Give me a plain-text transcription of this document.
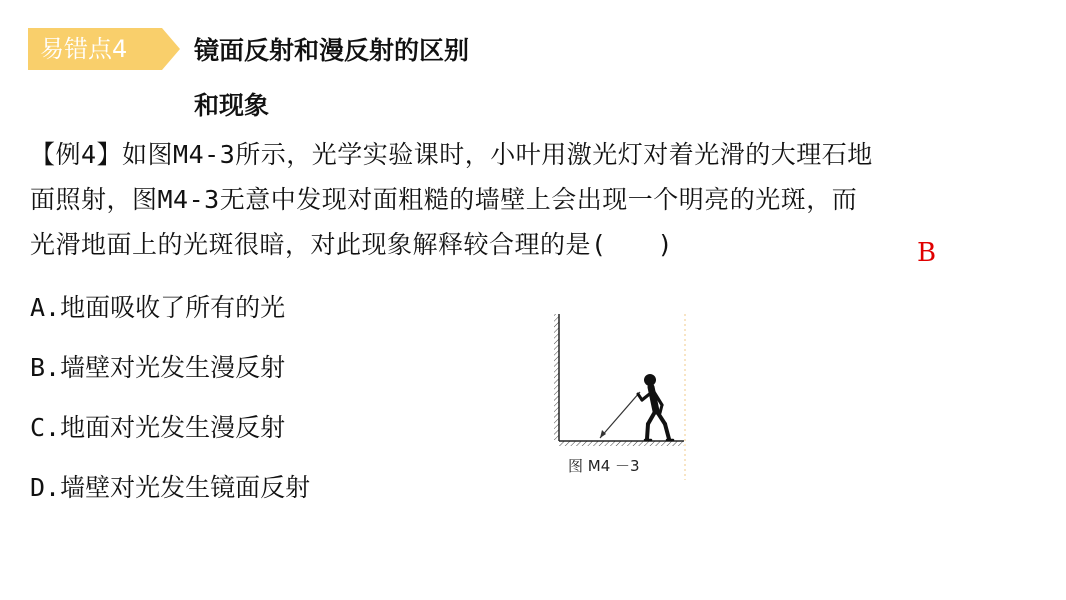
易错点4	镜面反射和漫反射的区别
和现象
【例4】如图M4-3所示，光学实验课时，小叶用激光灯对着光滑的大理石地
面照射，图M4-3无意中发现对面粗糙的墙壁上会出现一个明亮的光斑，而
光滑地面上的光斑很暗，对此现象解释较合理的是(　　)	B
A.地面吸收了所有的光
B.墙壁对光发生漫反射
C.地面对光发生漫反射
D.墙壁对光发生镜面反射
图 M4 －3
